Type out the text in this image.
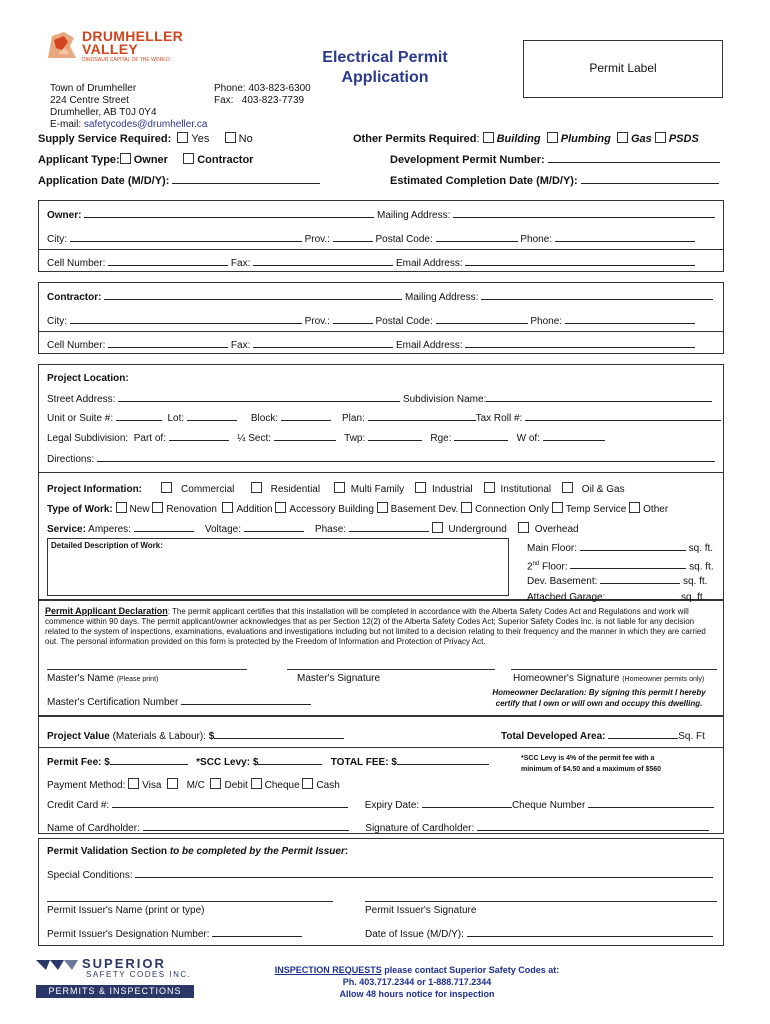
DRUMHELLER
VALLEY
DINOSAUR CAPITAL OF THE WORLD
Town of Drumheller
224 Centre Street
Drumheller, AB T0J 0Y4
E-mail: safetycodes@drumheller.ca
Phone: 403-823-6300
Fax: 403-823-7739
Electrical Permit
Application
Permit Label
Supply Service Required: Yes	No	Other Permits Required: Building Plumbing Gas PSDS
Applicant Type: Owner	Contractor	Development Permit Number:
Application Date (M/D/Y):	Estimated Completion Date (M/D/Y):
Owner:	Mailing Address:
City:	Prov.:	Postal Code:	Phone:
Cell Number:	Fax:	Email Address:
Contractor:	Mailing Address:
City:	Prov.:	Postal Code:	Phone:
Cell Number:	Fax:	Email Address:
Project Location:
Street Address:	Subdivision Name:
Unit or Suite #:	Lot:	Block:	Plan:	Tax Roll #:
Legal Subdivision: Part of:	¼ Sect:	Twp:	Rge:	W of:
Directions:
Project Information:	Commercial	Residential	Multi Family	Industrial	Institutional	Oil & Gas
Type of Work: New Renovation Addition Accessory Building Basement Dev. Connection Only Temp Service Other
Service: Amperes:	Voltage:	Phase:	Underground	Overhead
Detailed Description of Work:	Main Floor:	sq. ft.
2nd Floor:	sq. ft.
Dev. Basement:	sq. ft.
Attached Garage:	sq. ft.
Permit Applicant Declaration: The permit applicant certifies that this installation will be completed in accordance with the Alberta Safety Codes Act and Regulations and work will commence within 90 days. The permit applicant/owner acknowledges that as per Section 12(2) of the Alberta Safety Codes Act; Superior Safety Codes Inc. is not liable for any decision related to the system of inspections, examinations, evaluations and investigations including but not limited to a decision relating to their frequency and the manner in which they are carried out. The personal information provided on this form is protected by the Freedom of Information and Protection of Privacy Act.
Master's Name (Please print)	Master's Signature	Homeowner's Signature (Homeowner permits only)
Master's Certification Number
Homeowner Declaration: By signing this permit I hereby
certify that I own or will own and occupy this dwelling.
Project Value (Materials & Labour): $	Total Developed Area:	Sq. Ft
Permit Fee: $	*SCC Levy: $	TOTAL FEE: $	*SCC Levy is 4% of the permit fee with a
minimum of $4.50 and a maximum of $560
Payment Method: Visa	M/C Debit Cheque Cash
Credit Card #:	Expiry Date:	Cheque Number
Name of Cardholder:	Signature of Cardholder:
Permit Validation Section to be completed by the Permit Issuer:
Special Conditions:
Permit Issuer's Name (print or type)	Permit Issuer's Signature
Permit Issuer's Designation Number:	Date of Issue (M/D/Y):
SUPERIOR
SAFETY CODES INC.
PERMITS & INSPECTIONS
INSPECTION REQUESTS please contact Superior Safety Codes at:
Ph. 403.717.2344 or 1-888.717.2344
Allow 48 hours notice for inspection
